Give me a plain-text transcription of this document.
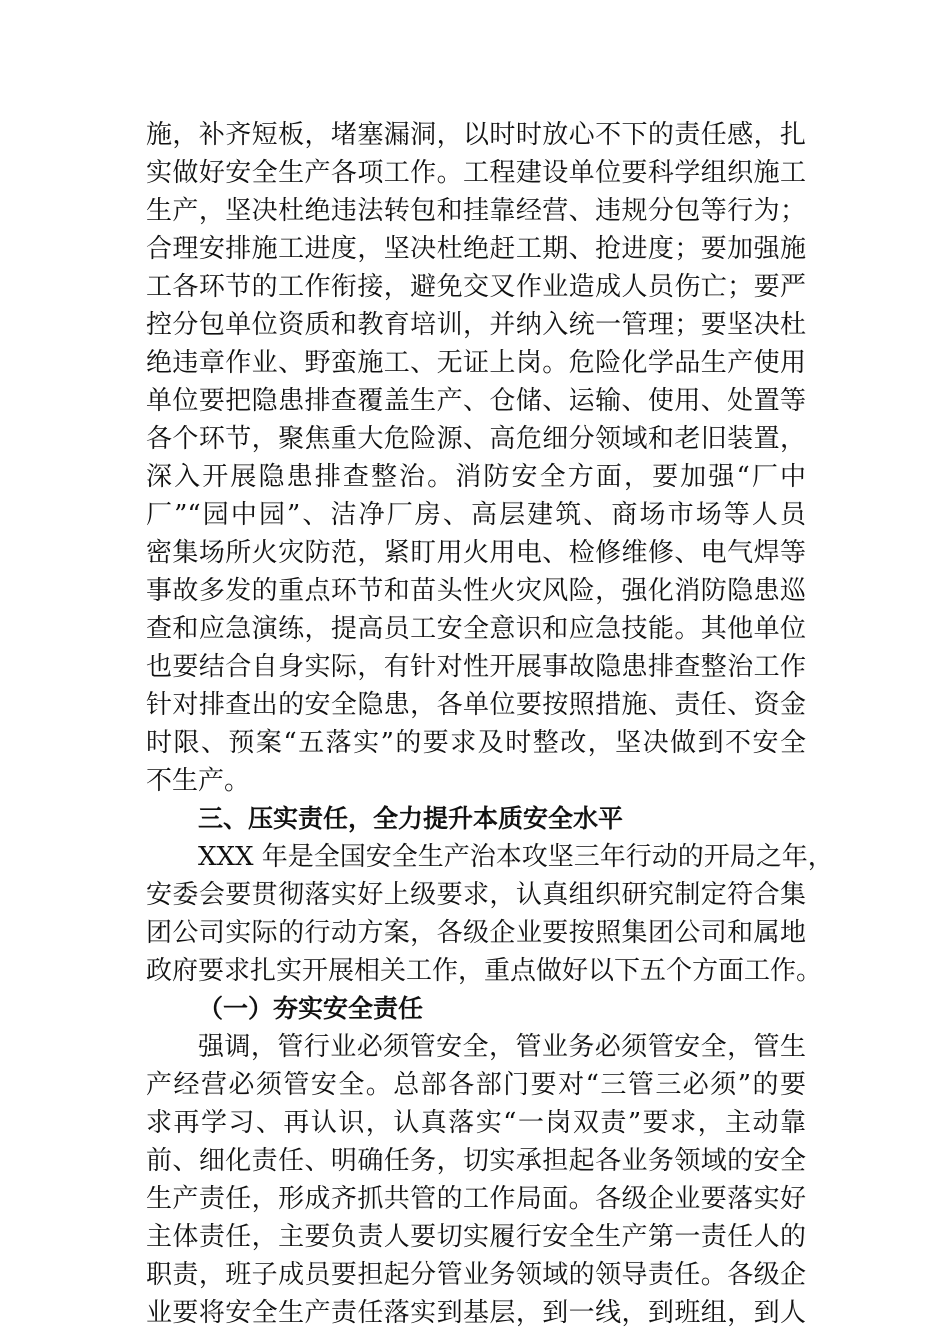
施，补齐短板，堵塞漏洞，以时时放心不下的责任感，扎
实做好安全生产各项工作。工程建设单位要科学组织施工
生产，坚决杜绝违法转包和挂靠经营、违规分包等行为；
合理安排施工进度，坚决杜绝赶工期、抢进度；要加强施
工各环节的工作衔接，避免交叉作业造成人员伤亡；要严
控分包单位资质和教育培训，并纳入统一管理；要坚决杜
绝违章作业、野蛮施工、无证上岗。危险化学品生产使用
单位要把隐患排查覆盖生产、仓储、运输、使用、处置等
各个环节，聚焦重大危险源、高危细分领域和老旧装置，
深入开展隐患排查整治。消防安全方面，要加强“厂中
厂”“园中园”、洁净厂房、高层建筑、商场市场等人员
密集场所火灾防范，紧盯用火用电、检修维修、电气焊等
事故多发的重点环节和苗头性火灾风险，强化消防隐患巡
查和应急演练，提高员工安全意识和应急技能。其他单位
也要结合自身实际，有针对性开展事故隐患排查整治工作
针对排查出的安全隐患，各单位要按照措施、责任、资金
时限、预案“五落实”的要求及时整改，坚决做到不安全
不生产。
三、压实责任，全力提升本质安全水平
XXX 年是全国安全生产治本攻坚三年行动的开局之年，
安委会要贯彻落实好上级要求，认真组织研究制定符合集
团公司实际的行动方案，各级企业要按照集团公司和属地
政府要求扎实开展相关工作，重点做好以下五个方面工作。
（一）夯实安全责任
强调，管行业必须管安全，管业务必须管安全，管生
产经营必须管安全。总部各部门要对“三管三必须”的要
求再学习、再认识，认真落实“一岗双责”要求，主动靠
前、细化责任、明确任务，切实承担起各业务领域的安全
生产责任，形成齐抓共管的工作局面。各级企业要落实好
主体责任，主要负责人要切实履行安全生产第一责任人的
职责，班子成员要担起分管业务领域的领导责任。各级企
业要将安全生产责任落实到基层，到一线，到班组，到人
